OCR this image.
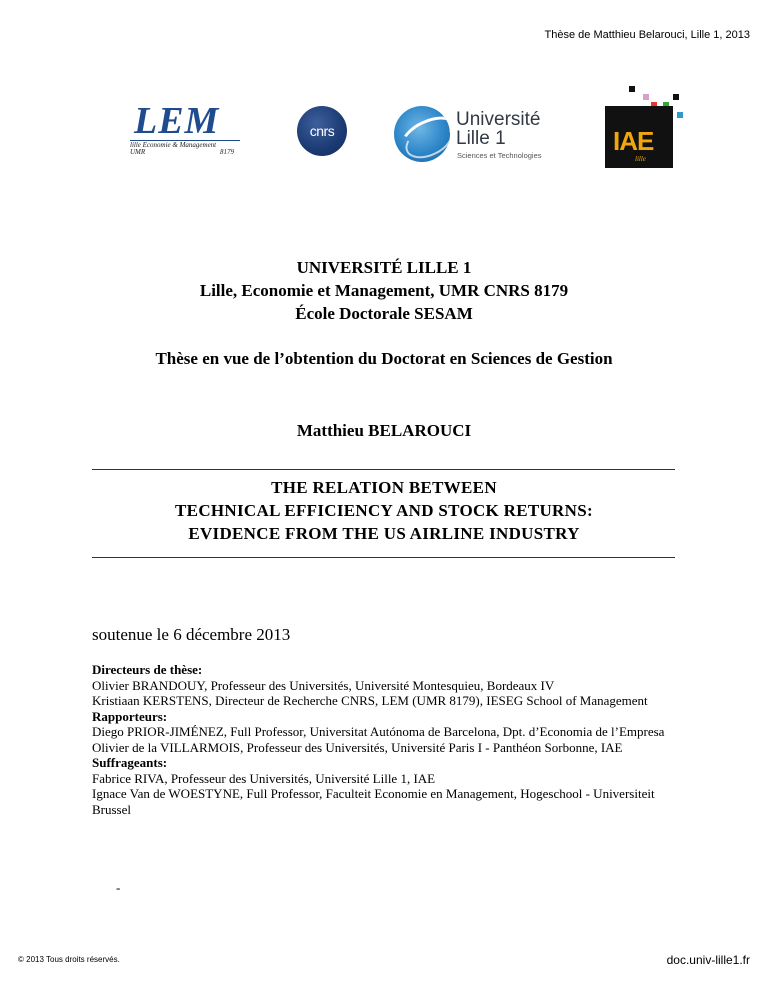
Thèse de Matthieu Belarouci, Lille 1, 2013
LEM
lille Economie & Management
UMR	8179
cnrs
Université
Lille 1
Sciences et Technologies	IAE
lille
UNIVERSITÉ LILLE 1
Lille, Economie et Management, UMR CNRS 8179
École Doctorale SESAM
Thèse en vue de l’obtention du Doctorat en Sciences de Gestion
Matthieu BELAROUCI
THE RELATION BETWEEN
TECHNICAL EFFICIENCY AND STOCK RETURNS:
EVIDENCE FROM THE US AIRLINE INDUSTRY
soutenue le 6 décembre 2013
Directeurs de thèse:
Olivier BRANDOUY, Professeur des Universités, Université Montesquieu, Bordeaux IV
Kristiaan KERSTENS, Directeur de Recherche CNRS, LEM (UMR 8179), IESEG School of Management
Rapporteurs:
Diego PRIOR-JIMÉNEZ, Full Professor, Universitat Autónoma de Barcelona, Dpt. d’Economia de l’Empresa
Olivier de la VILLARMOIS, Professeur des Universités, Université Paris I - Panthéon Sorbonne, IAE
Suffrageants:
Fabrice RIVA, Professeur des Universités, Université Lille 1, IAE
Ignace Van de WOESTYNE, Full Professor, Faculteit Economie en Management, Hogeschool - Universiteit Brussel
-
© 2013 Tous droits réservés.	doc.univ-lille1.fr
